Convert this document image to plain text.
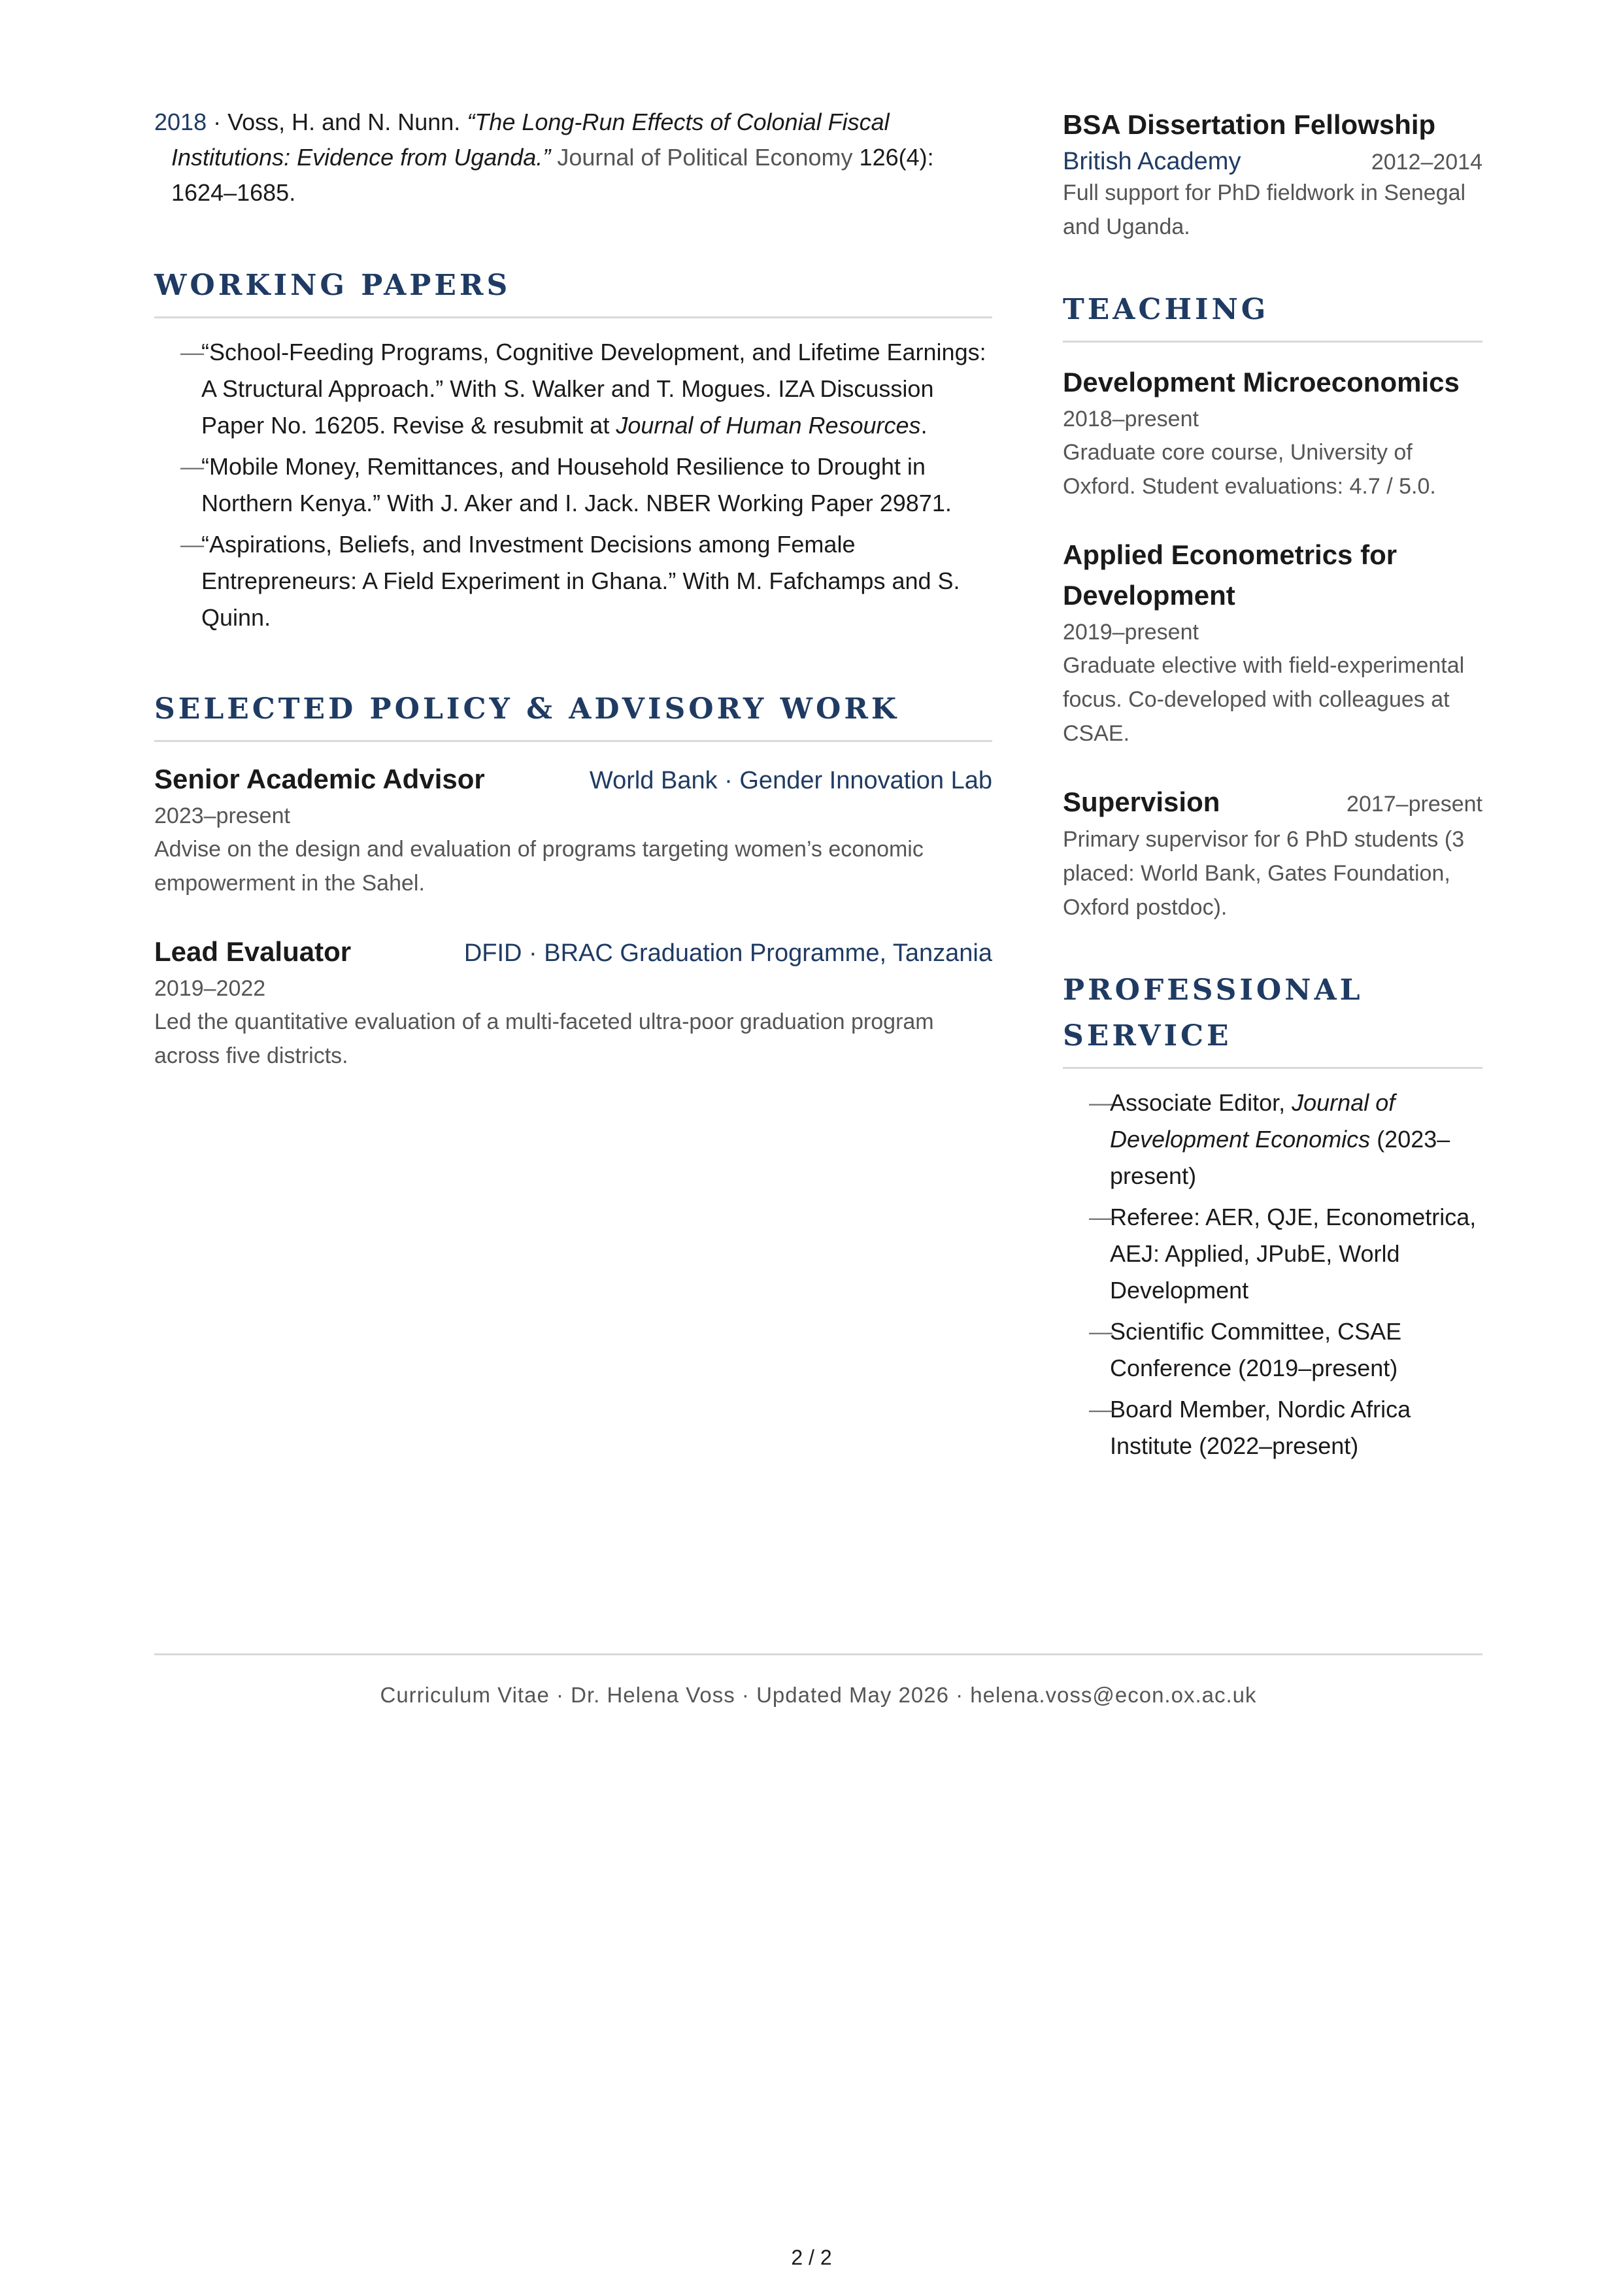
2018 · Voss, H. and N. Nunn. “The Long-Run Effects of Colonial Fiscal Institutions: Evidence from Uganda.” Journal of Political Economy 126(4): 1624–1685.
WORKING PAPERS
—
“School-Feeding Programs, Cognitive Development, and Lifetime Earnings: A Structural Approach.” With S. Walker and T. Mogues. IZA Discussion Paper No. 16205. Revise & resubmit at Journal of Human Resources.
—
“Mobile Money, Remittances, and Household Resilience to Drought in Northern Kenya.” With J. Aker and I. Jack. NBER Working Paper 29871.
—
“Aspirations, Beliefs, and Investment Decisions among Female Entrepreneurs: A Field Experiment in Ghana.” With M. Fafchamps and S. Quinn.
SELECTED POLICY & ADVISORY WORK
Senior Academic Advisor	World Bank · Gender Innovation Lab
2023–present
Advise on the design and evaluation of programs targeting women’s economic empowerment in the Sahel.
Lead Evaluator	DFID · BRAC Graduation Programme, Tanzania
2019–2022
Led the quantitative evaluation of a multi-faceted ultra-poor graduation program across five districts.
BSA Dissertation Fellowship
British Academy	2012–2014
Full support for PhD fieldwork in Senegal and Uganda.
TEACHING
Development Microeconomics
2018–present
Graduate core course, University of Oxford. Student evaluations: 4.7 / 5.0.
Applied Econometrics for Development
2019–present
Graduate elective with field-experimental focus. Co-developed with colleagues at CSAE.
Supervision	2017–present
Primary supervisor for 6 PhD students (3 placed: World Bank, Gates Foundation, Oxford postdoc).
PROFESSIONAL SERVICE
—
Associate Editor, Journal of Development Economics (2023–present)
—
Referee: AER, QJE, Econometrica, AEJ: Applied, JPubE, World Development
—
Scientific Committee, CSAE Conference (2019–present)
—
Board Member, Nordic Africa Institute (2022–present)
Curriculum Vitae · Dr. Helena Voss · Updated May 2026 · helena.voss@econ.ox.ac.uk
2 / 2
